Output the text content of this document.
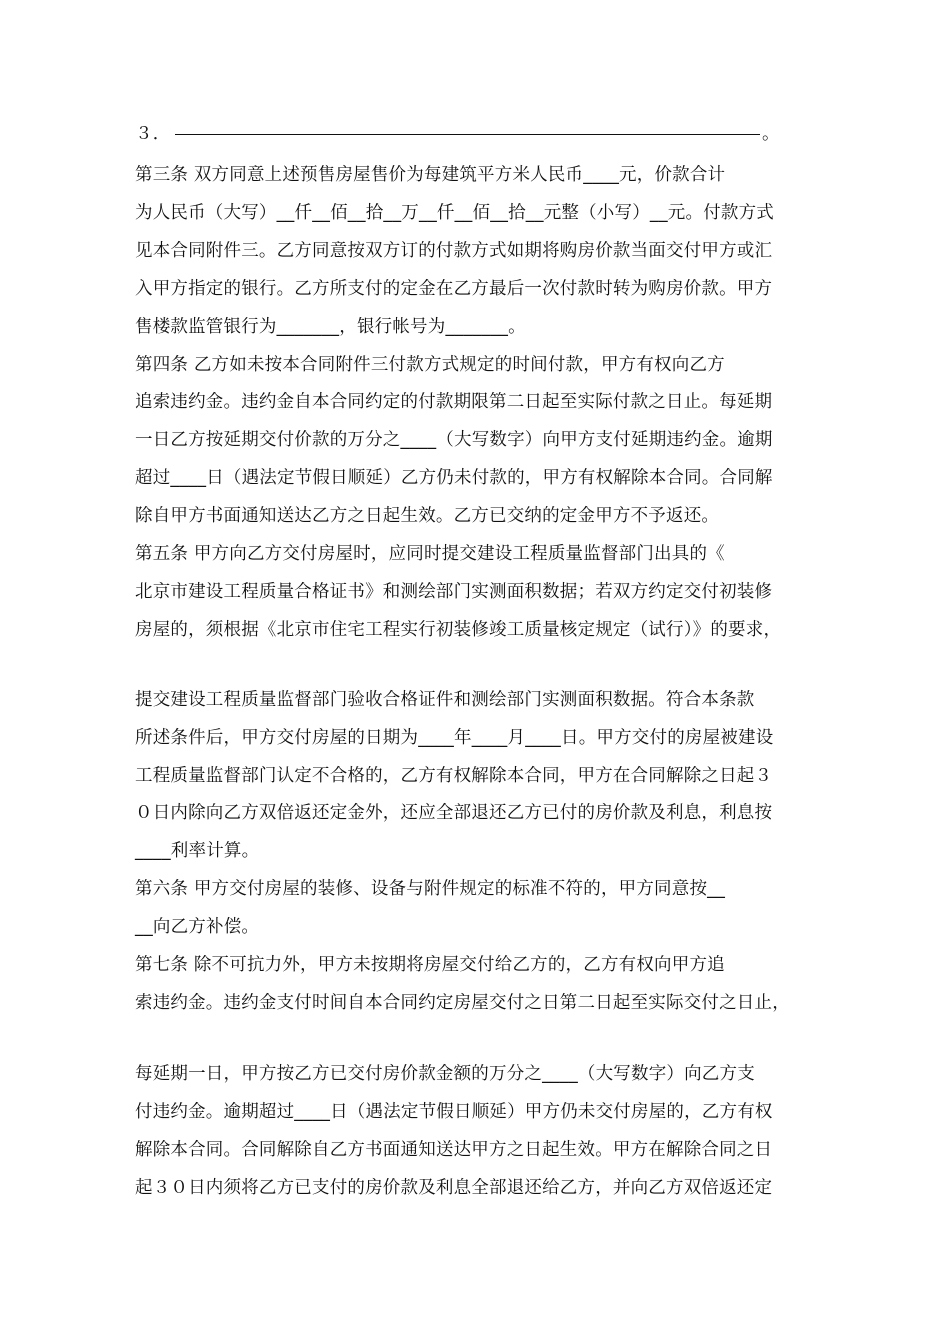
３．	。
第三条 双方同意上述预售房屋售价为每建筑平方米人民币____元，价款合计
为人民币（大写）__仟__佰__拾__万__仟__佰__拾__元整（小写）__元。付款方式
见本合同附件三。乙方同意按双方订的付款方式如期将购房价款当面交付甲方或汇
入甲方指定的银行。乙方所支付的定金在乙方最后一次付款时转为购房价款。甲方
售楼款监管银行为_______，银行帐号为_______。
第四条 乙方如未按本合同附件三付款方式规定的时间付款，甲方有权向乙方
追索违约金。违约金自本合同约定的付款期限第二日起至实际付款之日止。每延期
一日乙方按延期交付价款的万分之____（大写数字）向甲方支付延期违约金。逾期
超过____日（遇法定节假日顺延）乙方仍未付款的，甲方有权解除本合同。合同解
除自甲方书面通知送达乙方之日起生效。乙方已交纳的定金甲方不予返还。
第五条 甲方向乙方交付房屋时，应同时提交建设工程质量监督部门出具的《
北京市建设工程质量合格证书》和测绘部门实测面积数据；若双方约定交付初装修
房屋的，须根据《北京市住宅工程实行初装修竣工质量核定规定（试行）》的要求，
提交建设工程质量监督部门验收合格证件和测绘部门实测面积数据。符合本条款
所述条件后，甲方交付房屋的日期为____年____月____日。甲方交付的房屋被建设
工程质量监督部门认定不合格的，乙方有权解除本合同，甲方在合同解除之日起３
０日内除向乙方双倍返还定金外，还应全部退还乙方已付的房价款及利息，利息按
____利率计算。
第六条 甲方交付房屋的装修、设备与附件规定的标准不符的，甲方同意按__
__向乙方补偿。
第七条 除不可抗力外，甲方未按期将房屋交付给乙方的，乙方有权向甲方追
索违约金。违约金支付时间自本合同约定房屋交付之日第二日起至实际交付之日止，
每延期一日，甲方按乙方已交付房价款金额的万分之____（大写数字）向乙方支
付违约金。逾期超过____日（遇法定节假日顺延）甲方仍未交付房屋的，乙方有权
解除本合同。合同解除自乙方书面通知送达甲方之日起生效。甲方在解除合同之日
起３０日内须将乙方已支付的房价款及利息全部退还给乙方，并向乙方双倍返还定
